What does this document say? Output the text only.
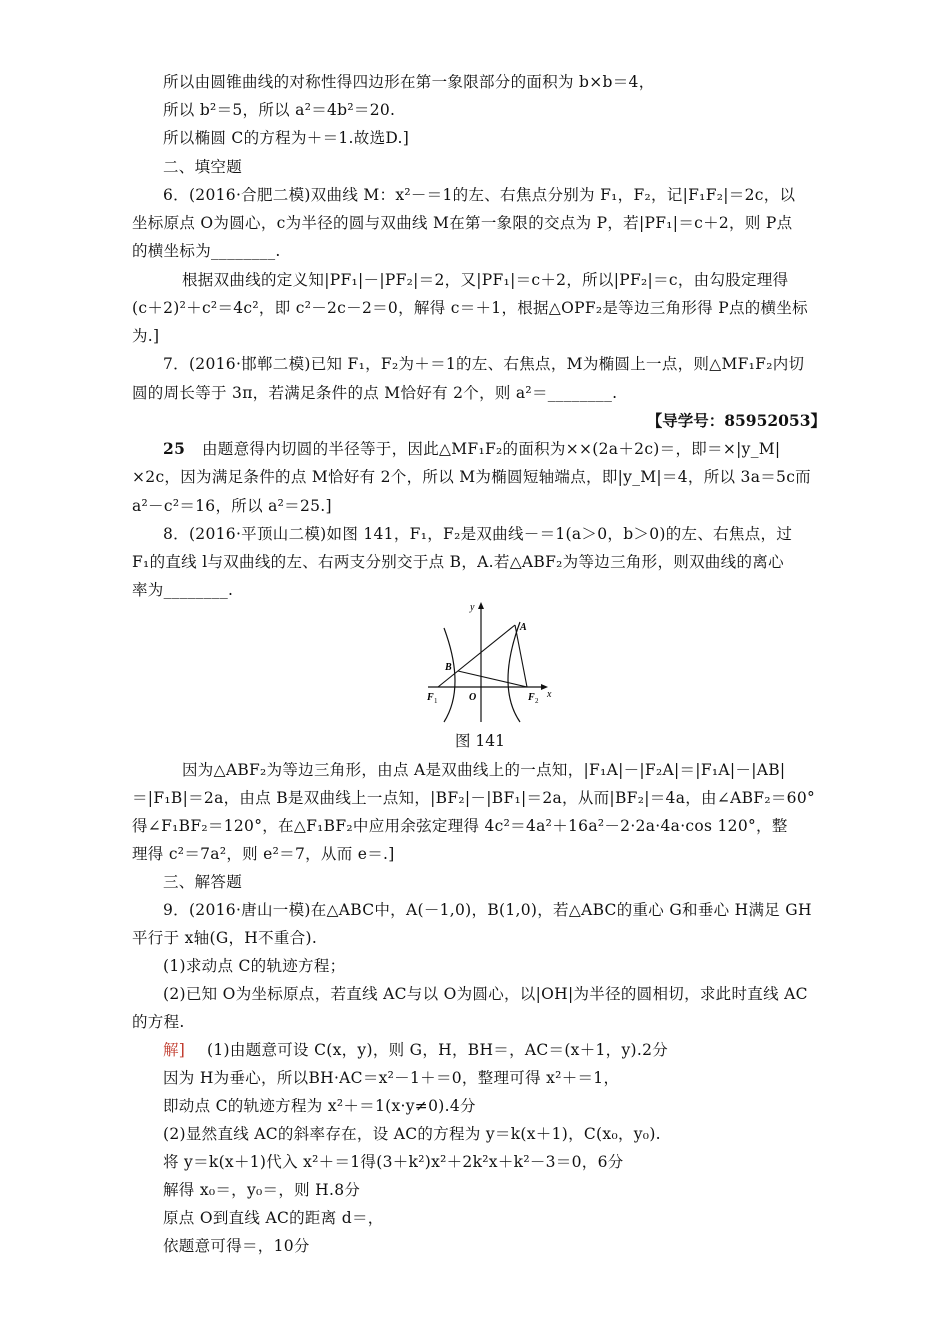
所以由圆锥曲线的对称性得四边形在第一象限部分的面积为 b×b＝4，
所以 b²＝5，所以 a²＝4b²＝20.
所以椭圆 C的方程为＋＝1.故选D.]
二、填空题
6．(2016·合肥二模)双曲线 M：x²－＝1的左、右焦点分别为 F₁，F₂，记|F₁F₂|＝2c，以
坐标原点 O为圆心，c为半径的圆与双曲线 M在第一象限的交点为 P，若|PF₁|＝c＋2，则 P点
的横坐标为________.
根据双曲线的定义知|PF₁|－|PF₂|＝2，又|PF₁|＝c＋2，所以|PF₂|＝c，由勾股定理得
(c＋2)²＋c²＝4c²，即 c²－2c－2＝0，解得 c＝＋1，根据△OPF₂是等边三角形得 P点的横坐标
为.]
7．(2016·邯郸二模)已知 F₁，F₂为＋＝1的左、右焦点，M为椭圆上一点，则△MF₁F₂内切
圆的周长等于 3π，若满足条件的点 M恰好有 2个，则 a²＝________.
【导学号：85952053】
25 由题意得内切圆的半径等于，因此△MF₁F₂的面积为××(2a＋2c)＝，即＝×|y_M|
×2c，因为满足条件的点 M恰好有 2个，所以 M为椭圆短轴端点，即|y_M|＝4，所以 3a＝5c而
a²－c²＝16，所以 a²＝25.]
8．(2016·平顶山二模)如图 141，F₁，F₂是双曲线－＝1(a＞0，b＞0)的左、右焦点，过
F₁的直线 l与双曲线的左、右两支分别交于点 B，A.若△ABF₂为等边三角形，则双曲线的离心
率为________.
y
x
A
B
O
F 1	F 2
图 141
因为△ABF₂为等边三角形，由点 A是双曲线上的一点知，|F₁A|－|F₂A|＝|F₁A|－|AB|
＝|F₁B|＝2a，由点 B是双曲线上一点知，|BF₂|－|BF₁|＝2a，从而|BF₂|＝4a，由∠ABF₂＝60°
得∠F₁BF₂＝120°，在△F₁BF₂中应用余弦定理得 4c²＝4a²＋16a²－2·2a·4a·cos 120°，整
理得 c²＝7a²，则 e²＝7，从而 e＝.]
三、解答题
9．(2016·唐山一模)在△ABC中，A(－1,0)，B(1,0)，若△ABC的重心 G和垂心 H满足 GH
平行于 x轴(G，H不重合).
(1)求动点 C的轨迹方程；
(2)已知 O为坐标原点，若直线 AC与以 O为圆心，以|OH|为半径的圆相切，求此时直线 AC
的方程.
解] (1)由题意可设 C(x，y)，则 G，H，BH＝，AC＝(x＋1，y).2分
因为 H为垂心，所以BH·AC＝x²－1＋＝0，整理可得 x²＋＝1，
即动点 C的轨迹方程为 x²＋＝1(x·y≠0).4分
(2)显然直线 AC的斜率存在，设 AC的方程为 y＝k(x＋1)，C(x₀，y₀).
将 y＝k(x＋1)代入 x²＋＝1得(3＋k²)x²＋2k²x＋k²－3＝0，6分
解得 x₀＝，y₀＝，则 H.8分
原点 O到直线 AC的距离 d＝，
依题意可得＝，10分
